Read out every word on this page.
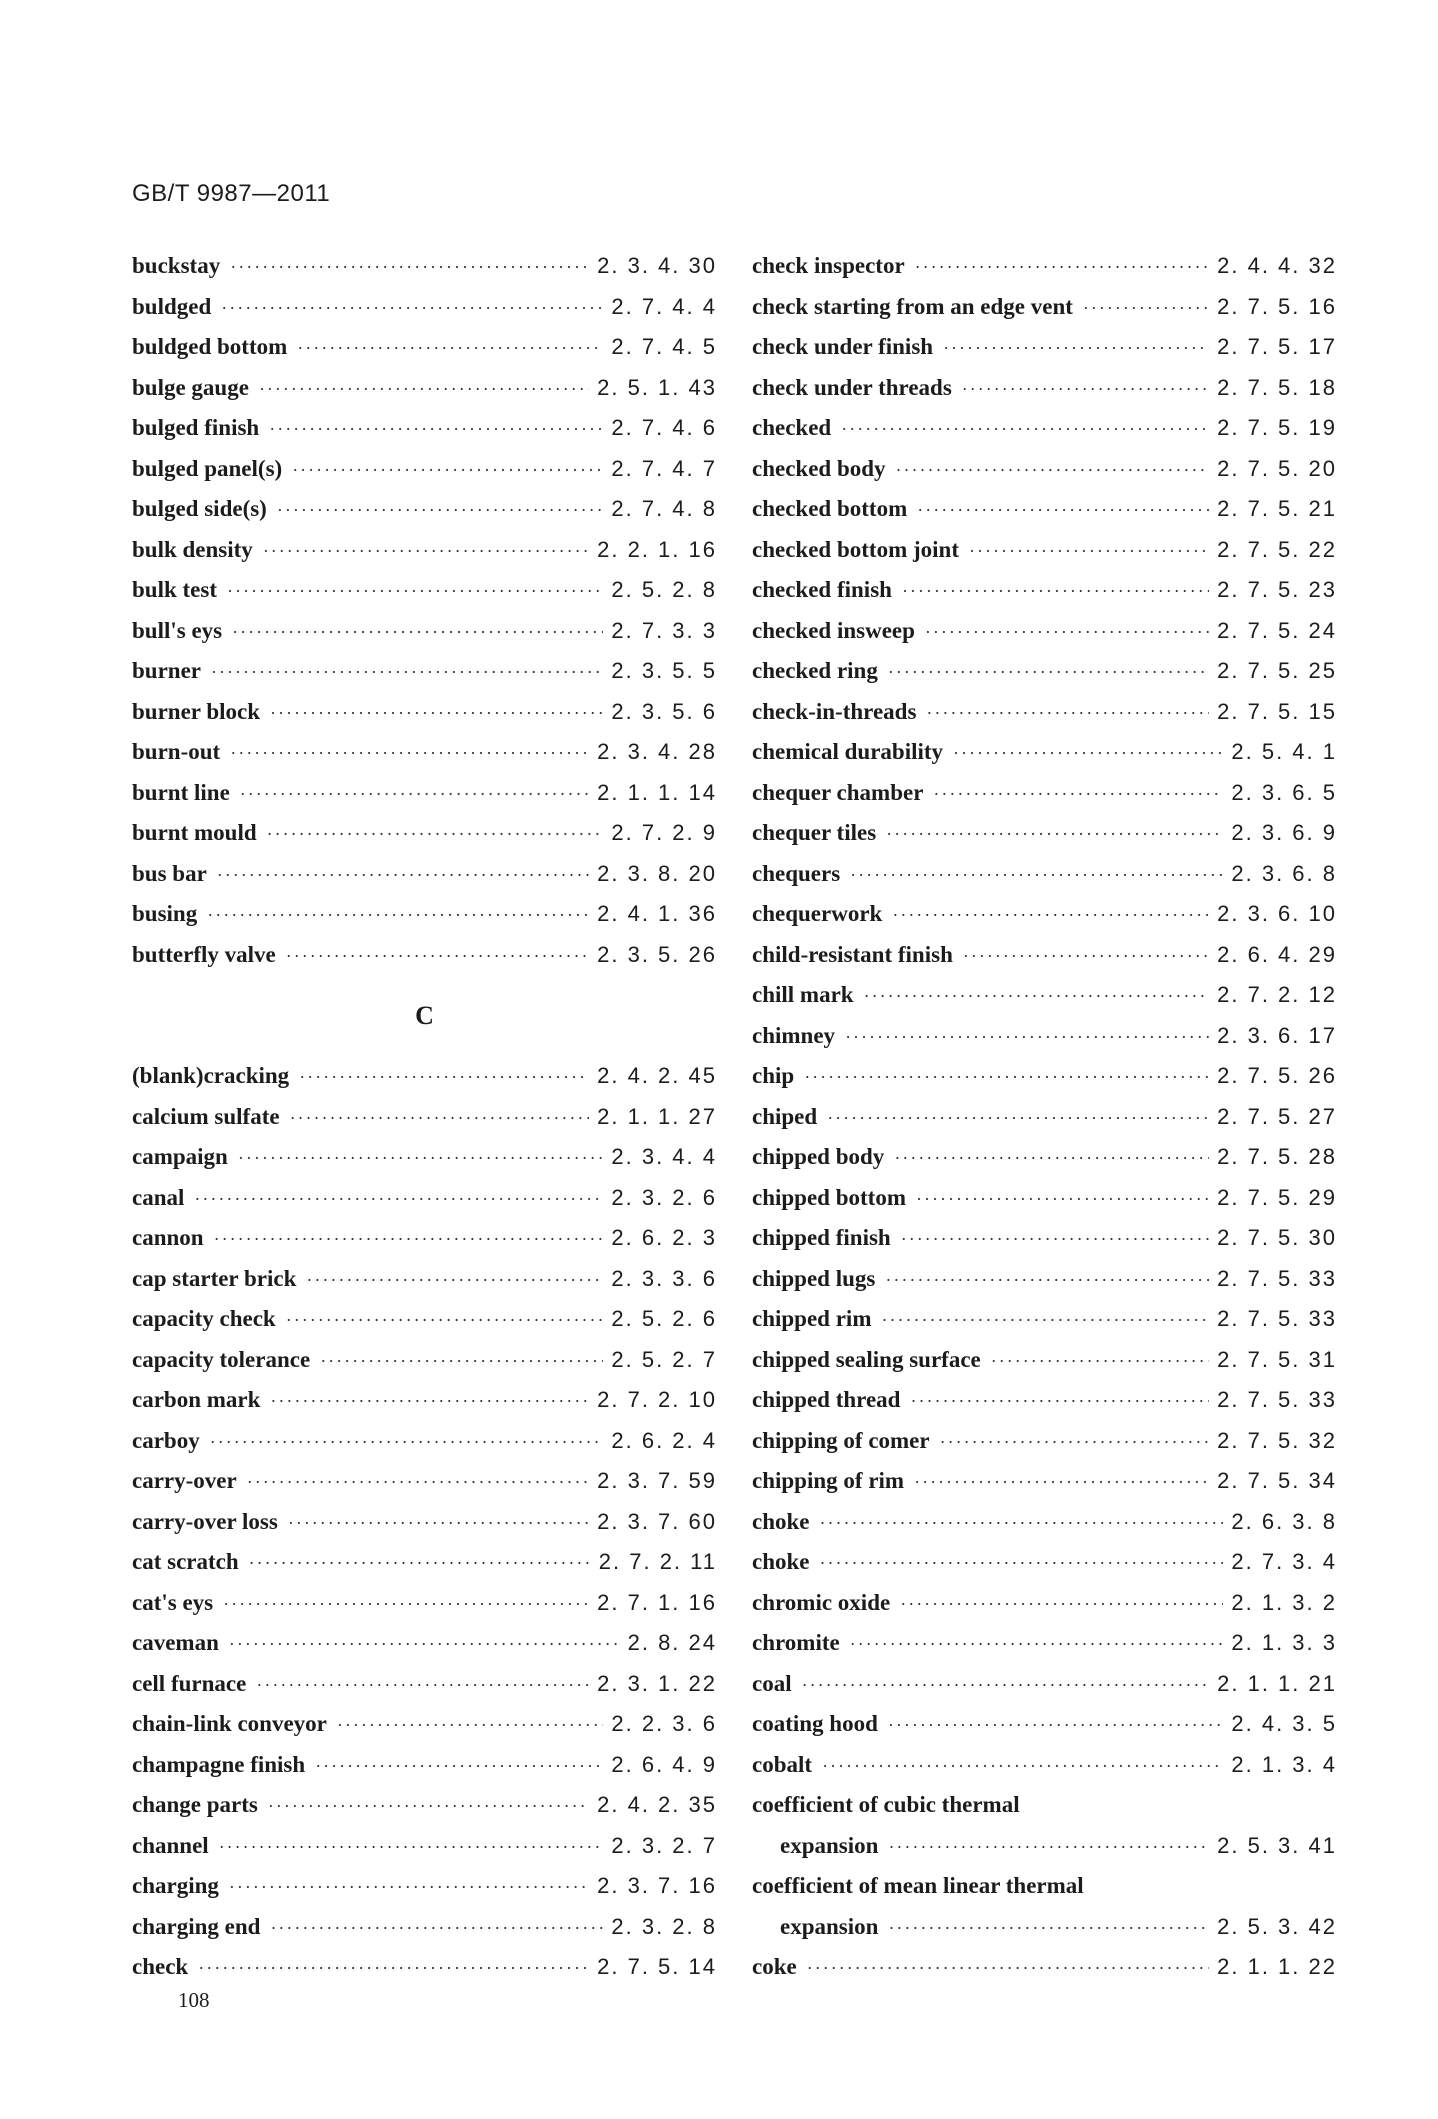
GB/T 9987—2011
buckstay ·····	2. 3. 4. 30
buldged ·····	2. 7. 4. 4
buldged bottom ·····	2. 7. 4. 5
bulge gauge ·····	2. 5. 1. 43
bulged finish ·····	2. 7. 4. 6
bulged panel(s) ·····	2. 7. 4. 7
bulged side(s) ·····	2. 7. 4. 8
bulk density ·····	2. 2. 1. 16
bulk test ·····	2. 5. 2. 8
bull's eys ·····	2. 7. 3. 3
burner ·····	2. 3. 5. 5
burner block ·····	2. 3. 5. 6
burn-out ·····	2. 3. 4. 28
burnt line ·····	2. 1. 1. 14
burnt mould ·····	2. 7. 2. 9
bus bar ·····	2. 3. 8. 20
busing ·····	2. 4. 1. 36
butterfly valve ·····	2. 3. 5. 26
C
(blank)cracking ·····	2. 4. 2. 45
calcium sulfate ·····	2. 1. 1. 27
campaign ·····	2. 3. 4. 4
canal ·····	2. 3. 2. 6
cannon ·····	2. 6. 2. 3
cap starter brick ·····	2. 3. 3. 6
capacity check ·····	2. 5. 2. 6
capacity tolerance ·····	2. 5. 2. 7
carbon mark ·····	2. 7. 2. 10
carboy ·····	2. 6. 2. 4
carry-over ·····	2. 3. 7. 59
carry-over loss ·····	2. 3. 7. 60
cat scratch ·····	2. 7. 2. 11
cat's eys ·····	2. 7. 1. 16
caveman ·····	2. 8. 24
cell furnace ·····	2. 3. 1. 22
chain-link conveyor ·····	2. 2. 3. 6
champagne finish ·····	2. 6. 4. 9
change parts ·····	2. 4. 2. 35
channel ·····	2. 3. 2. 7
charging ·····	2. 3. 7. 16
charging end ·····	2. 3. 2. 8
check ·····	2. 7. 5. 14
check inspector ·····	2. 4. 4. 32
check starting from an edge vent ·····	2. 7. 5. 16
check under finish ·····	2. 7. 5. 17
check under threads ·····	2. 7. 5. 18
checked ·····	2. 7. 5. 19
checked body ·····	2. 7. 5. 20
checked bottom ·····	2. 7. 5. 21
checked bottom joint ·····	2. 7. 5. 22
checked finish ·····	2. 7. 5. 23
checked insweep ·····	2. 7. 5. 24
checked ring ·····	2. 7. 5. 25
check-in-threads ·····	2. 7. 5. 15
chemical durability ·····	2. 5. 4. 1
chequer chamber ·····	2. 3. 6. 5
chequer tiles ·····	2. 3. 6. 9
chequers ·····	2. 3. 6. 8
chequerwork ·····	2. 3. 6. 10
child-resistant finish ·····	2. 6. 4. 29
chill mark ·····	2. 7. 2. 12
chimney ·····	2. 3. 6. 17
chip ·····	2. 7. 5. 26
chiped ·····	2. 7. 5. 27
chipped body ·····	2. 7. 5. 28
chipped bottom ·····	2. 7. 5. 29
chipped finish ·····	2. 7. 5. 30
chipped lugs ·····	2. 7. 5. 33
chipped rim ·····	2. 7. 5. 33
chipped sealing surface ·····	2. 7. 5. 31
chipped thread ·····	2. 7. 5. 33
chipping of comer ·····	2. 7. 5. 32
chipping of rim ·····	2. 7. 5. 34
choke ·····	2. 6. 3. 8
choke ·····	2. 7. 3. 4
chromic oxide ·····	2. 1. 3. 2
chromite ·····	2. 1. 3. 3
coal ·····	2. 1. 1. 21
coating hood ·····	2. 4. 3. 5
cobalt ·····	2. 1. 3. 4
coefficient of cubic thermal
expansion ·····	2. 5. 3. 41
coefficient of mean linear thermal
expansion ·····	2. 5. 3. 42
coke ·····	2. 1. 1. 22
108
